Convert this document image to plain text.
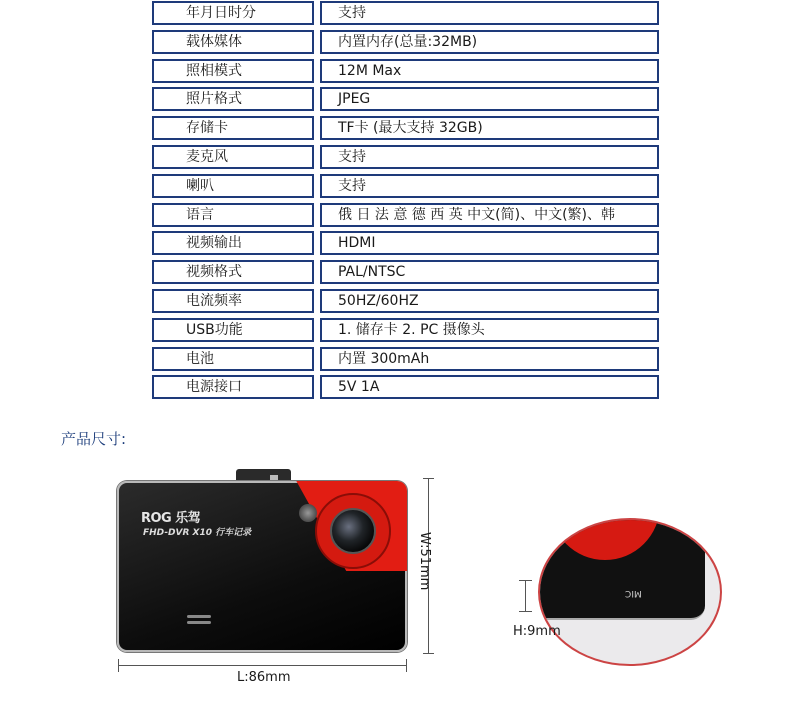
年月日时分	支持
载体媒体	内置内存(总量:32MB)
照相模式	12M Max
照片格式	JPEG
存储卡	TF卡 (最大支持 32GB)
麦克风	支持
喇叭	支持
语言	俄 日 法 意 德 西 英 中文(简)、中文(繁)、韩
视频输出	HDMI
视频格式	PAL/NTSC
电流频率	50HZ/60HZ
USB功能	1. 储存卡 2. PC 摄像头
电池	内置 300mAh
电源接口	5V 1A
产品尺寸:
ROG 乐驾
FHD-DVR X10 行车记录	W:51mm
L:86mm
MIC
H:9mm
